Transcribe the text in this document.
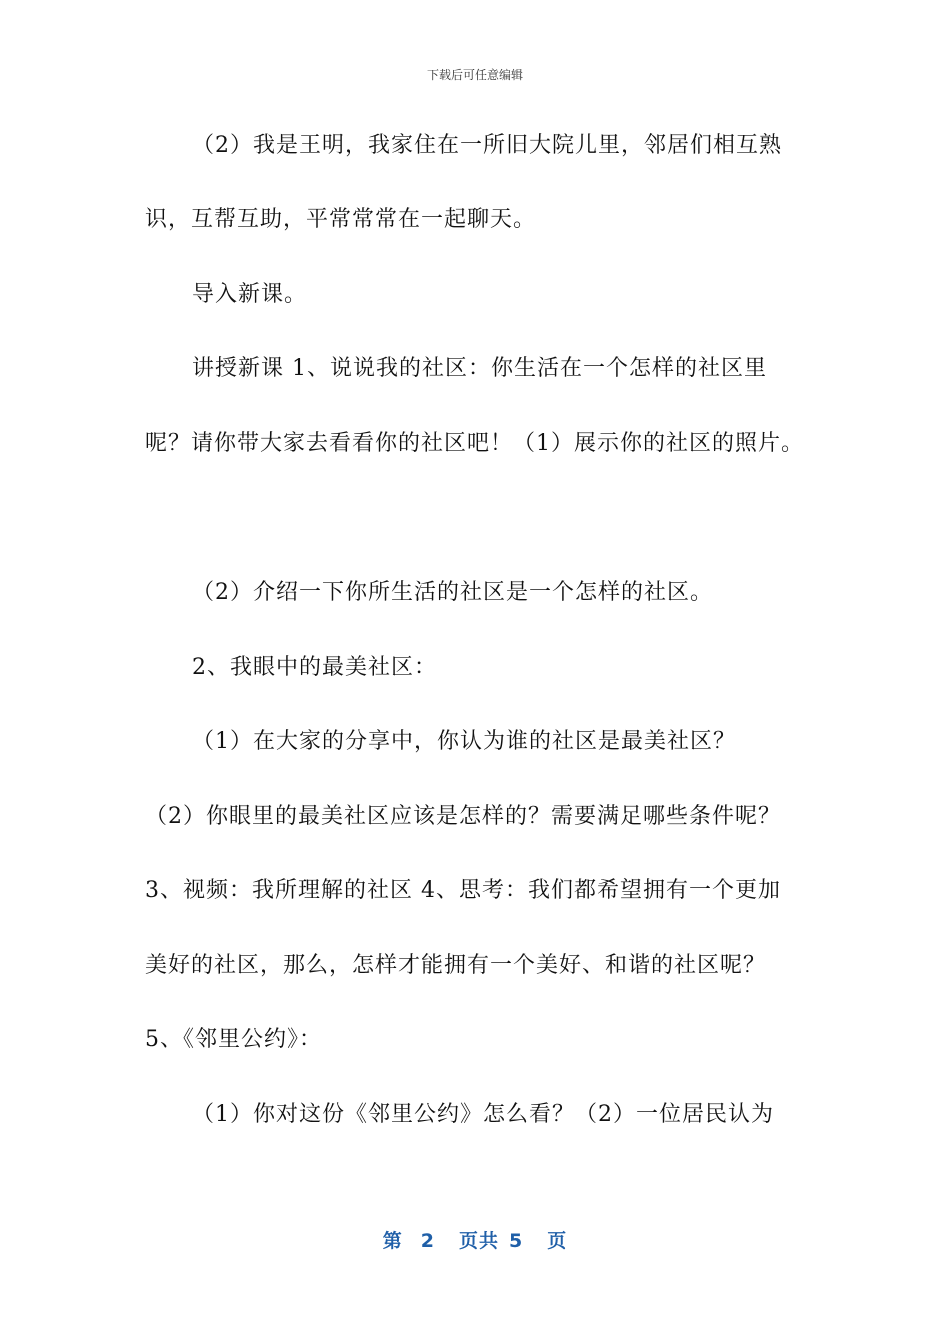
下载后可任意编辑
（2）我是王明，我家住在一所旧大院儿里，邻居们相互熟
识，互帮互助，平常常常在一起聊天。
导入新课。
讲授新课 1、说说我的社区：你生活在一个怎样的社区里
呢？请你带大家去看看你的社区吧！（1）展示你的社区的照片。
（2）介绍一下你所生活的社区是一个怎样的社区。
2、我眼中的最美社区：
（1）在大家的分享中，你认为谁的社区是最美社区？
（2）你眼里的最美社区应该是怎样的？需要满足哪些条件呢？
3、视频：我所理解的社区 4、思考：我们都希望拥有一个更加
美好的社区，那么，怎样才能拥有一个美好、和谐的社区呢？
5、《邻里公约》：
（1）你对这份《邻里公约》怎么看？（2）一位居民认为
第 2 页共 5 页
